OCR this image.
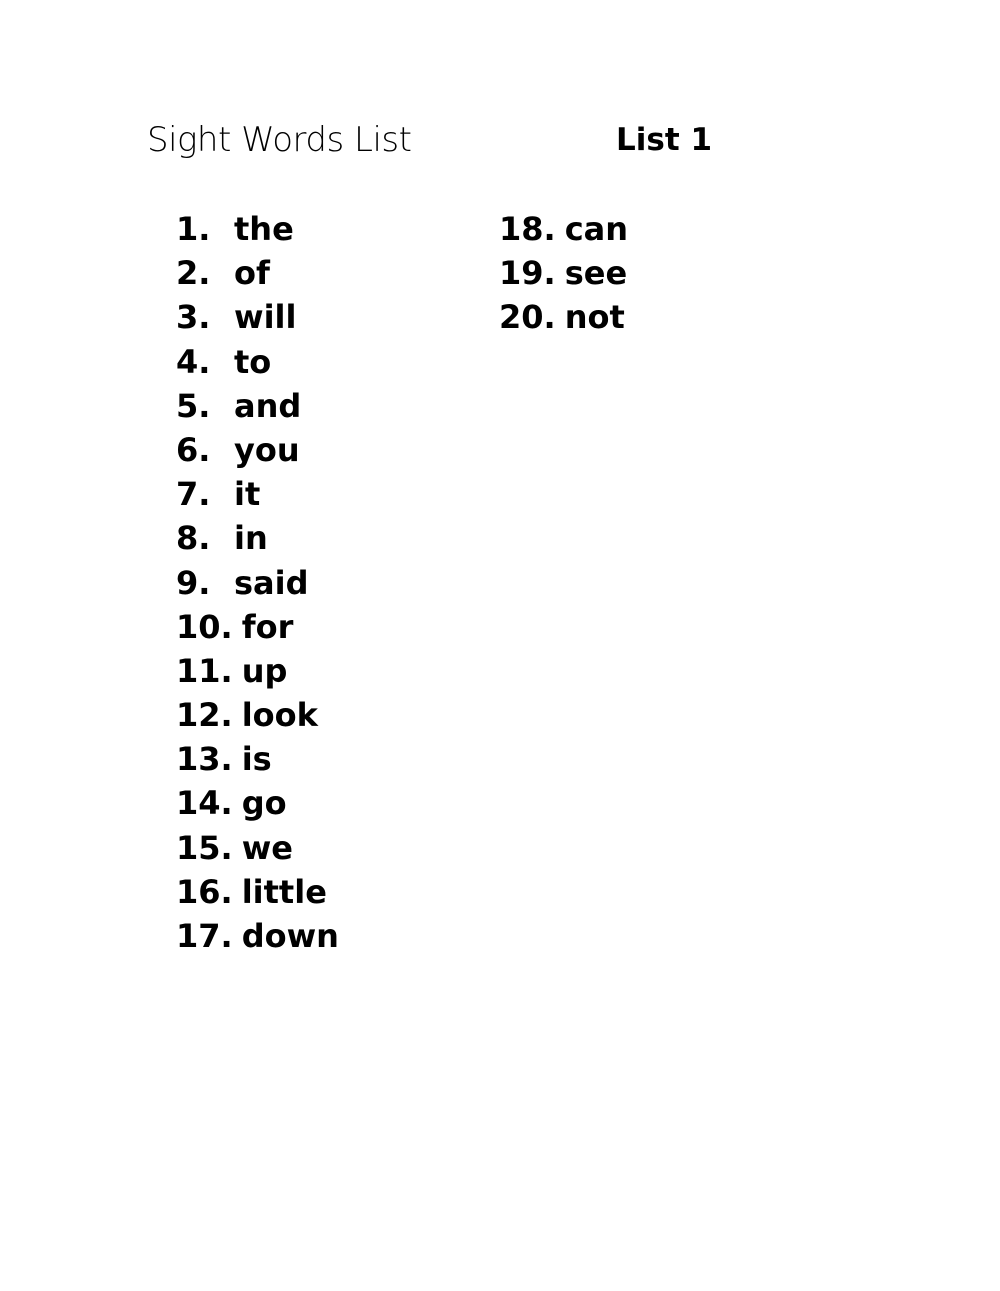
Sight Words List	List 1
1. the
2. of
3. will
4. to
5. and
6. you
7. it
8. in
9. said
10. for
11. up
12. look
13. is
14. go
15. we
16. little
17. down
18. can
19. see
20. not
